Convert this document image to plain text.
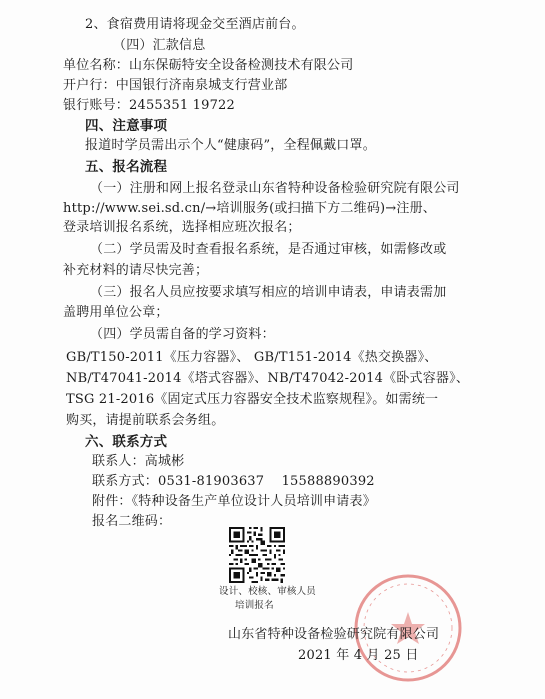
2、食宿费用请将现金交至酒店前台。
（四）汇款信息
单位名称：山东保砺特安全设备检测技术有限公司
开户行：中国银行济南泉城支行营业部
银行账号：2455351 19722
四、注意事项
报道时学员需出示个人“健康码”，全程佩戴口罩。
五、报名流程
（一）注册和网上报名登录山东省特种设备检验研究院有限公司
http://www.sei.sd.cn/→培训服务(或扫描下方二维码)→注册、
登录培训报名系统，选择相应班次报名；
（二）学员需及时查看报名系统，是否通过审核，如需修改或
补充材料的请尽快完善；
（三）报名人员应按要求填写相应的培训申请表，申请表需加
盖聘用单位公章；
（四）学员需自备的学习资料：
GB/T150-2011《压力容器》、 GB/T151-2014《热交换器》、
NB/T47041-2014《塔式容器》、NB/T47042-2014《卧式容器》、
TSG 21-2016《固定式压力容器安全技术监察规程》。如需统一
购买，请提前联系会务组。
六、联系方式
联系人：高城彬
联系方式：0531-81903637    15588890392
附件：《特种设备生产单位设计人员培训申请表》
报名二维码：
设计、校核、审核人员
培训报名
山东省特种设备检验研究院有限公司
2021 年 4 月 25 日
